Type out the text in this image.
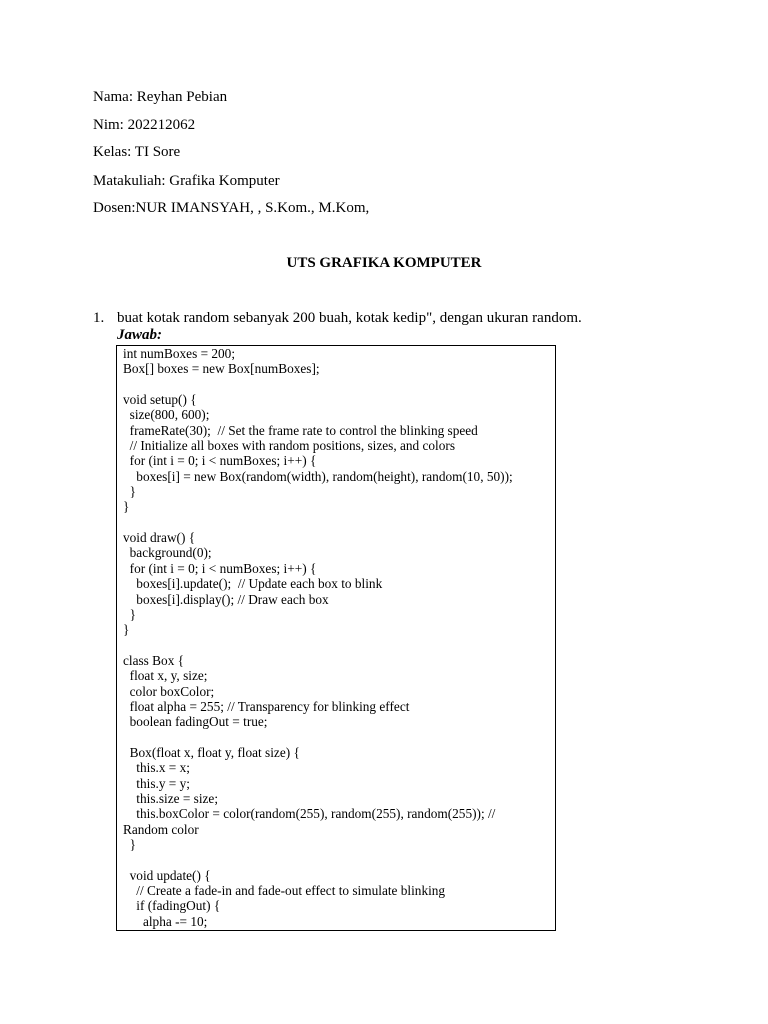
Nama: Reyhan Pebian
Nim: 202212062
Kelas: TI Sore
Matakuliah: Grafika Komputer
Dosen:NUR IMANSYAH, , S.Kom., M.Kom,
UTS GRAFIKA KOMPUTER
1. buat kotak random sebanyak 200 buah, kotak kedip", dengan ukuran random.
Jawab:
int numBoxes = 200;
Box[] boxes = new Box[numBoxes];
void setup() {
size(800, 600);
frameRate(30);  // Set the frame rate to control the blinking speed
// Initialize all boxes with random positions, sizes, and colors
for (int i = 0; i < numBoxes; i++) {
boxes[i] = new Box(random(width), random(height), random(10, 50));
}
}
void draw() {
background(0);
for (int i = 0; i < numBoxes; i++) {
boxes[i].update();  // Update each box to blink
boxes[i].display(); // Draw each box
}
}
class Box {
float x, y, size;
color boxColor;
float alpha = 255; // Transparency for blinking effect
boolean fadingOut = true;
Box(float x, float y, float size) {
this.x = x;
this.y = y;
this.size = size;
this.boxColor = color(random(255), random(255), random(255)); //
Random color
}
void update() {
// Create a fade-in and fade-out effect to simulate blinking
if (fadingOut) {
alpha -= 10;
